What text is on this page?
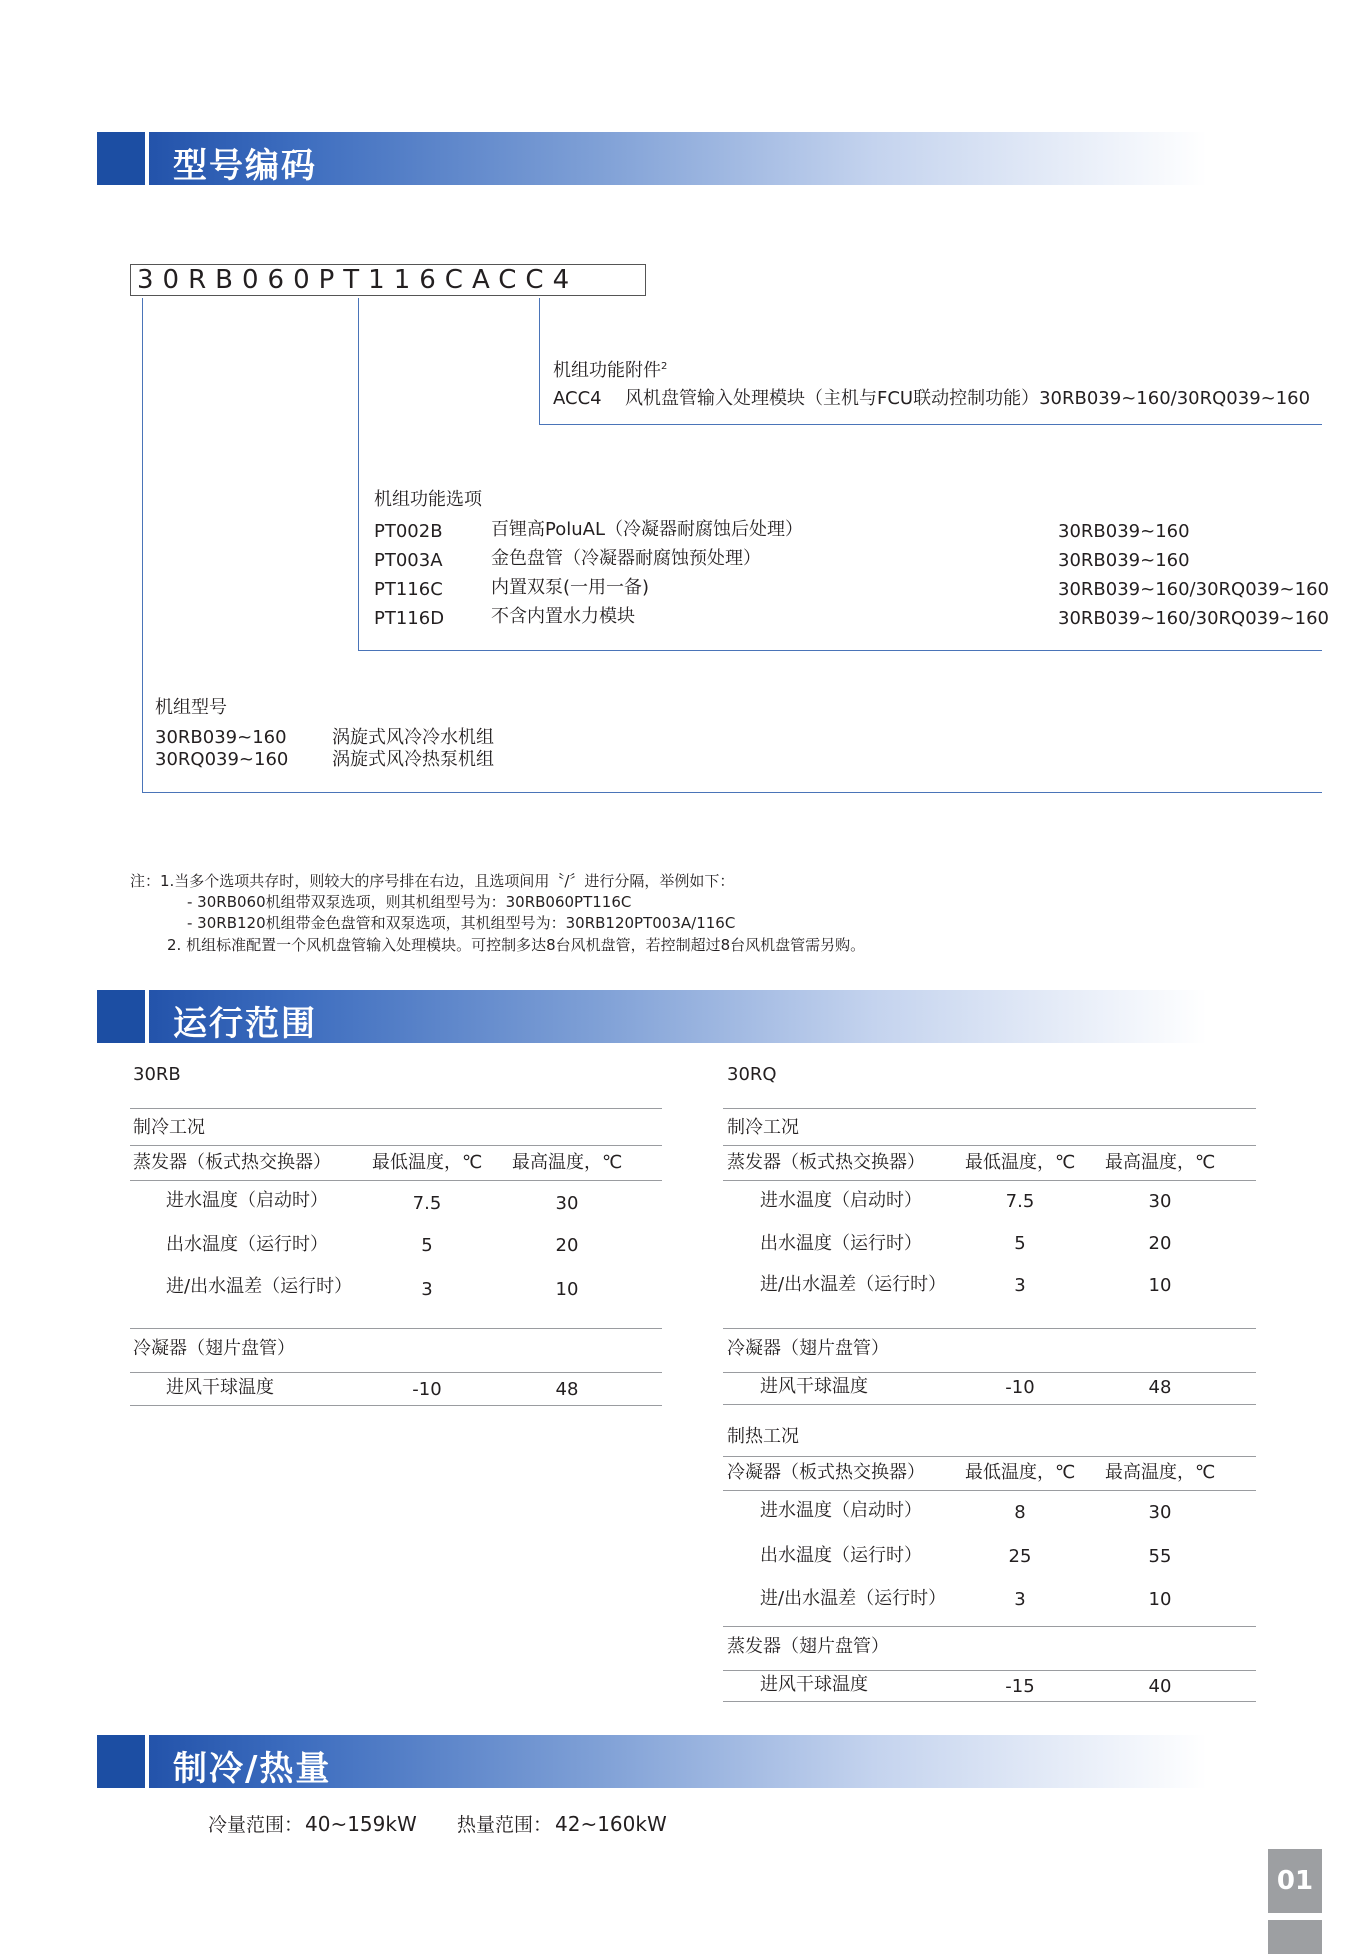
型号编码
30RB060PT116CACC4
机组功能附件$^2$
ACC4 风机盘管输入处理模块（主机与FCU联动控制功能）30RB039~160/30RQ039~160
机组功能选项
PT002B	百锂高PoluAL（冷凝器耐腐蚀后处理）	30RB039~160
PT003A	金色盘管（冷凝器耐腐蚀预处理）	30RB039~160
PT116C	内置双泵(一用一备)	30RB039~160/30RQ039~160
PT116D	不含内置水力模块	30RB039~160/30RQ039~160
机组型号
30RB039~160	涡旋式风冷冷水机组
30RQ039~160 涡旋式风冷热泵机组
注：1.当多个选项共存时，则较大的序号排在右边，且选项间用〝/〞进行分隔，举例如下：
- 30RB060机组带双泵选项，则其机组型号为：30RB060PT116C
- 30RB120机组带金色盘管和双泵选项，其机组型号为：30RB120PT003A/116C
2. 机组标准配置一个风机盘管输入处理模块。可控制多达8台风机盘管，若控制超过8台风机盘管需另购。
运行范围
30RB
制冷工况
蒸发器（板式热交换器） 最低温度，℃ 最高温度，℃
进水温度（启动时）	7.5	30
出水温度（运行时）	5	20
进/出水温差（运行时）	3	10
冷凝器（翅片盘管）
进风干球温度	-10	48
30RQ
制冷工况
蒸发器（板式热交换器） 最低温度，℃ 最高温度，℃
进水温度（启动时）	7.5	30
出水温度（运行时）	5	20
进/出水温差（运行时）	3	10
冷凝器（翅片盘管）
进风干球温度	-10	48
制热工况
冷凝器（板式热交换器） 最低温度，℃ 最高温度，℃
进水温度（启动时）	8	30
出水温度（运行时）	25	55
进/出水温差（运行时）	3	10
蒸发器（翅片盘管）
进风干球温度	-15	40
制冷/热量
冷量范围： 40~159kW 热量范围： 42~160kW
01
